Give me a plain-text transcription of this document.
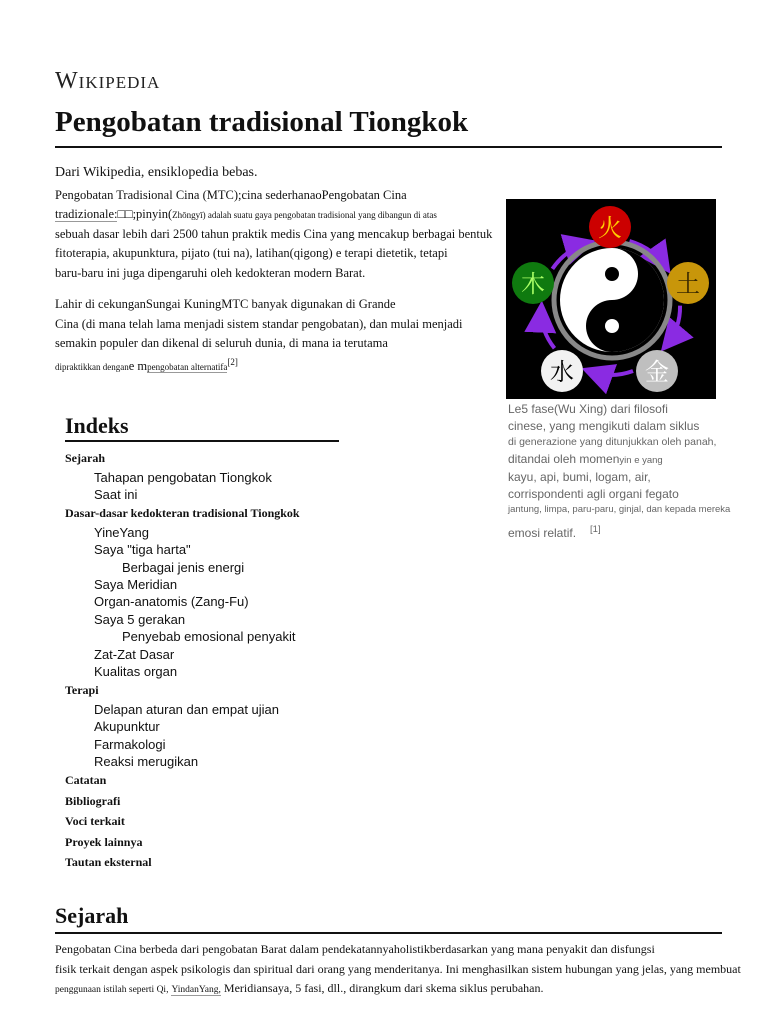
Wikipedia
Pengobatan tradisional Tiongkok
Dari Wikipedia, ensiklopedia bebas.
Pengobatan Tradisional Cina (MTC);cina sederhanaoPengobatan Cina
tradizionale:□□;pinyin(Zhōngyī) adalah suatu gaya pengobatan tradisional yang dibangun di atas
sebuah dasar lebih dari 2500 tahun praktik medis Cina yang mencakup berbagai bentuk
fitoterapia, akupunktura, pijato (tui na), latihan(qigong) e terapi dietetik, tetapi
baru-baru ini juga dipengaruhi oleh kedokteran modern Barat.
Lahir di cekunganSungai KuningMTC banyak digunakan di Grande
Cina (di mana telah lama menjadi sistem standar pengobatan), dan mulai menjadi
semakin populer dan dikenal di seluruh dunia, di mana ia terutama
dipraktikkan dengane mpengobatan alternatifa[2]
火
土
金
水
木
Le5 fase(Wu Xing) dari filosofi
cinese, yang mengikuti dalam siklus
di generazione yang ditunjukkan oleh panah,
ditandai oleh momenyin e yang
kayu, api, bumi, logam, air,
corrispondenti agli organi fegato
jantung, limpa, paru-paru, ginjal, dan kepada mereka
emosi relatif. [1]
Indeks
Sejarah
Tahapan pengobatan Tiongkok
Saat ini
Dasar-dasar kedokteran tradisional Tiongkok
YineYang
Saya "tiga harta"
Berbagai jenis energi
Saya Meridian
Organ-anatomis (Zang-Fu)
Saya 5 gerakan
Penyebab emosional penyakit
Zat-Zat Dasar
Kualitas organ
Terapi
Delapan aturan dan empat ujian
Akupunktur
Farmakologi
Reaksi merugikan
Catatan
Bibliografi
Voci terkait
Proyek lainnya
Tautan eksternal
Sejarah
Pengobatan Cina berbeda dari pengobatan Barat dalam pendekatannyaholistikberdasarkan yang mana penyakit dan disfungsi
fisik terkait dengan aspek psikologis dan spiritual dari orang yang menderitanya. Ini menghasilkan sistem hubungan yang jelas, yang membuat
penggunaan istilah seperti Qi, YindanYang, Meridiansaya, 5 fasi, dll., dirangkum dari skema siklus perubahan.
